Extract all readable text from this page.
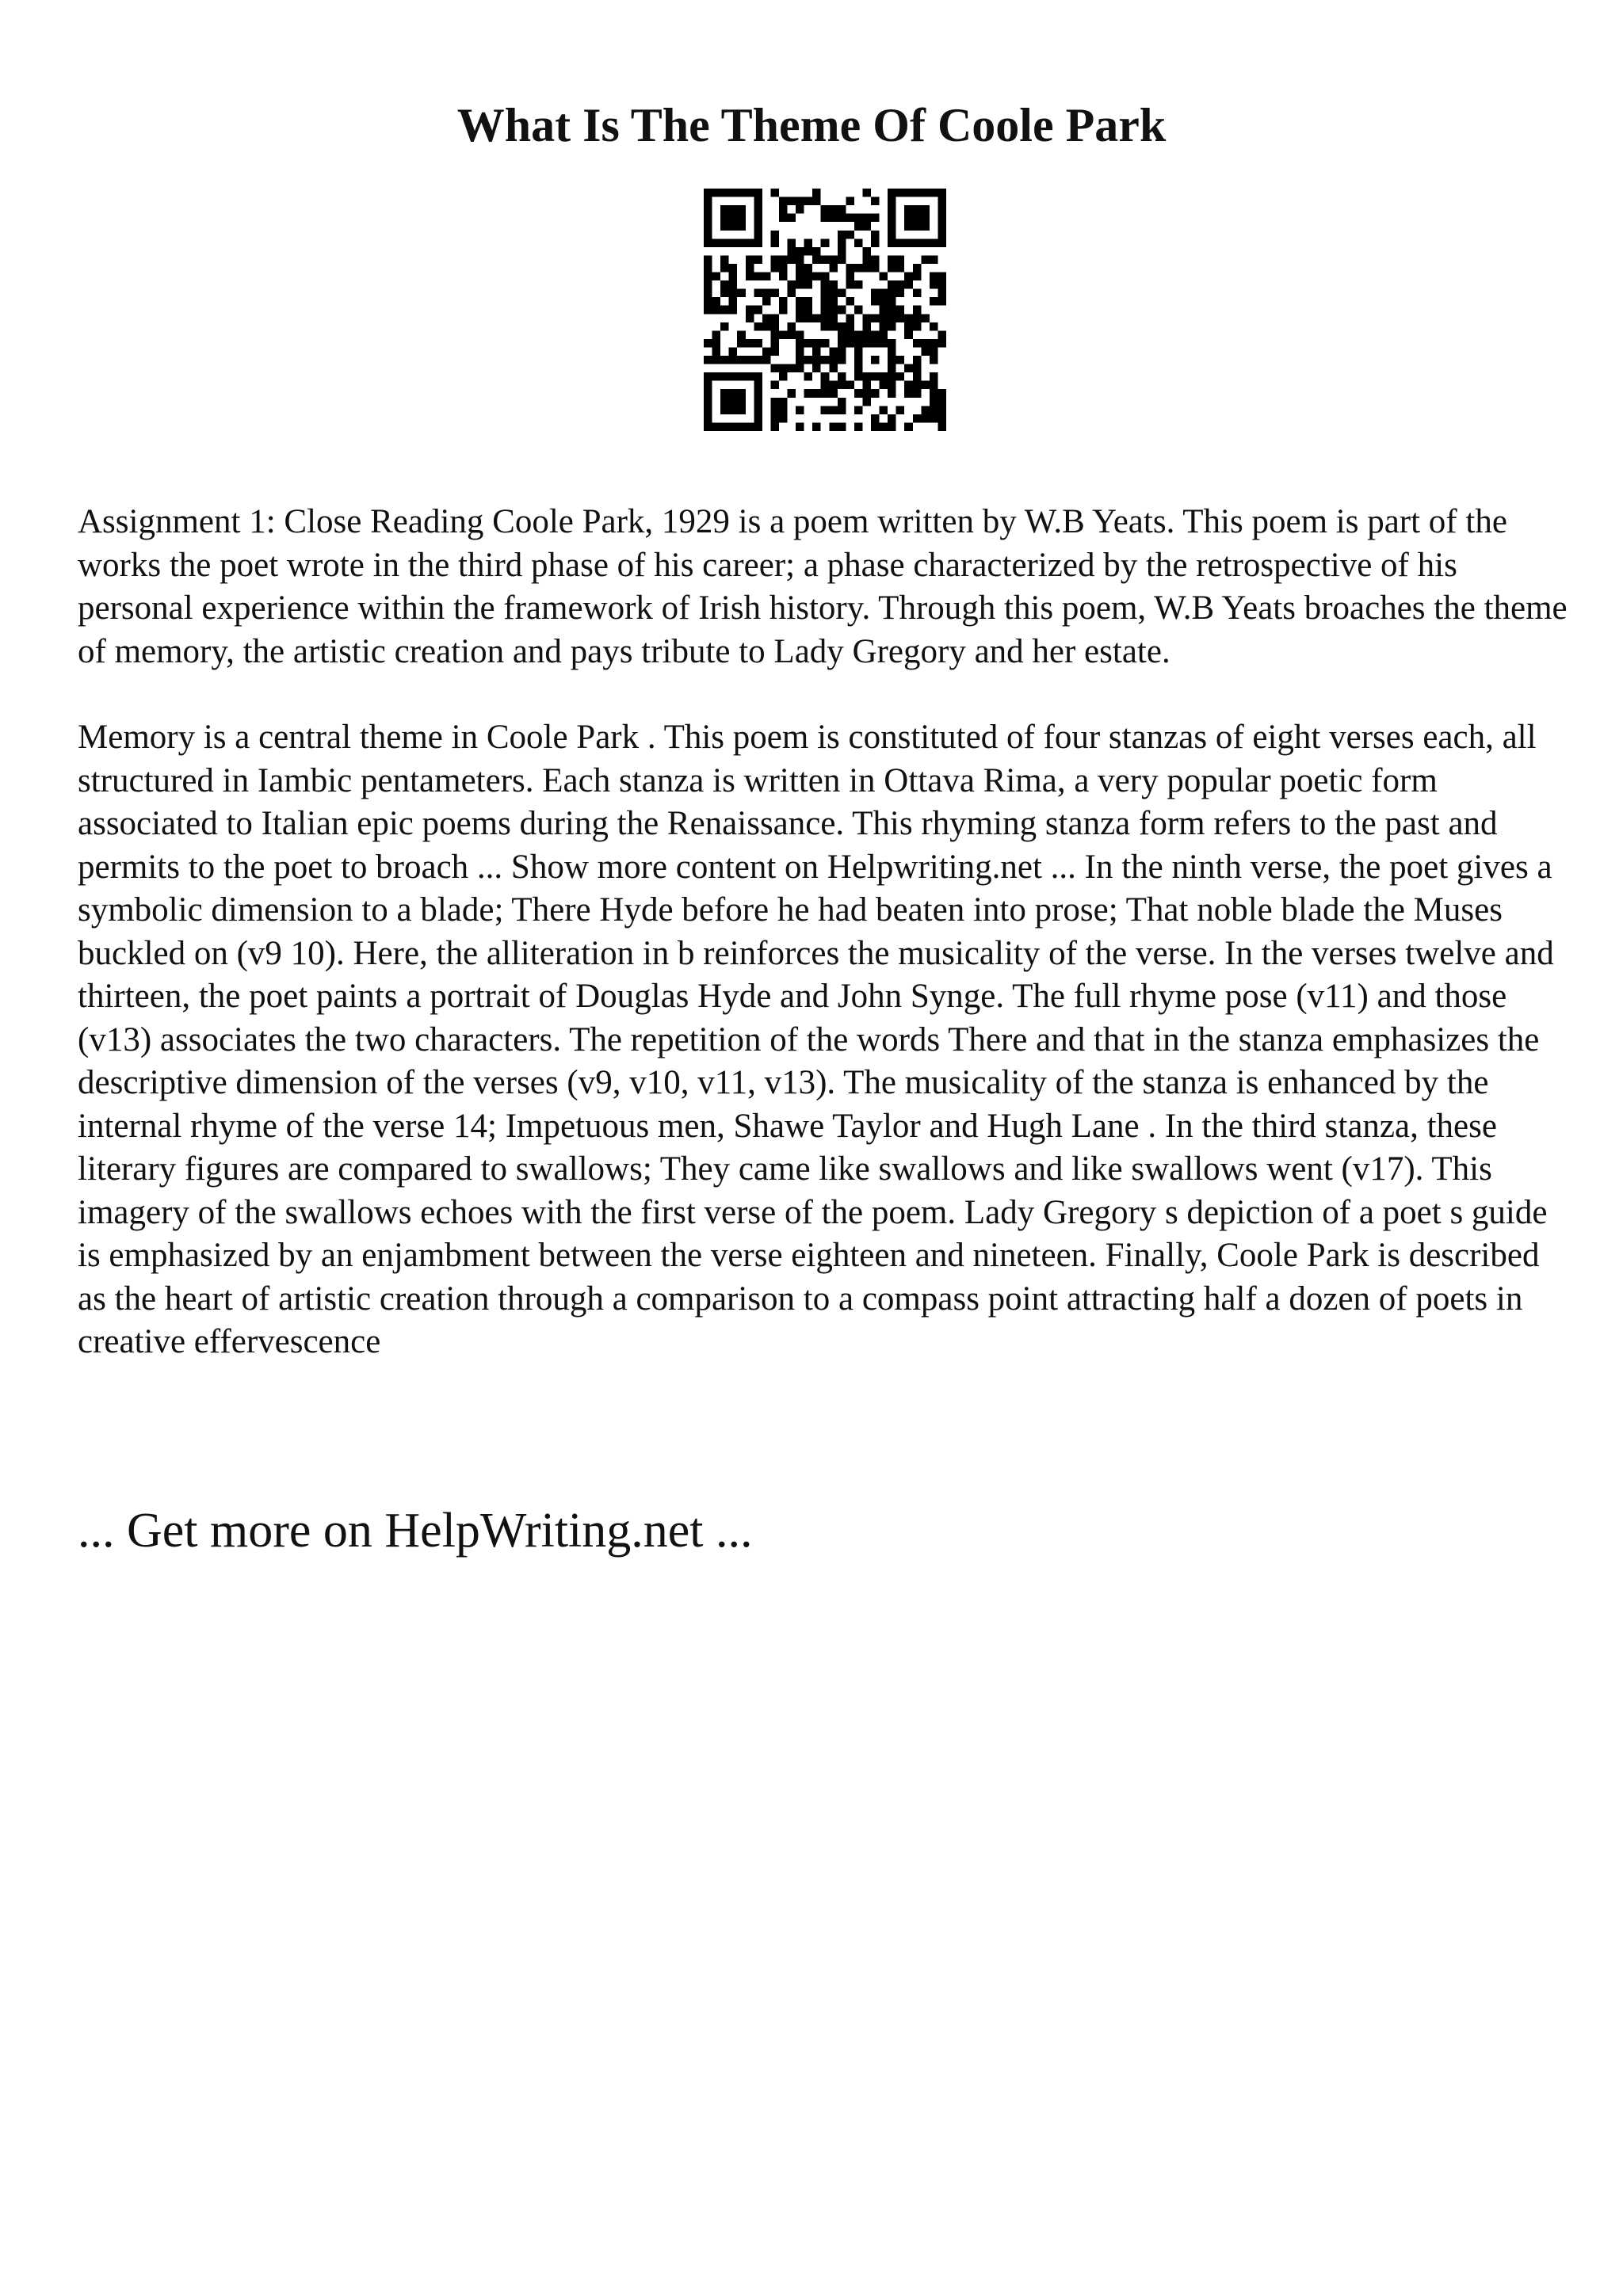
What Is The Theme Of Coole Park

Assignment 1: Close Reading Coole Park, 1929 is a poem written by W.B Yeats. This poem is part of the works the poet wrote in the third phase of his career; a phase characterized by the retrospective of his personal experience within the framework of Irish history. Through this poem, W.B Yeats broaches the theme of memory, the artistic creation and pays tribute to Lady Gregory and her estate.

Memory is a central theme in Coole Park . This poem is constituted of four stanzas of eight verses each, all structured in Iambic pentameters. Each stanza is written in Ottava Rima, a very popular poetic form associated to Italian epic poems during the Renaissance. This rhyming stanza form refers to the past and permits to the poet to broach ... Show more content on Helpwriting.net ... In the ninth verse, the poet gives a symbolic dimension to a blade; There Hyde before he had beaten into prose; That noble blade the Muses buckled on (v9 10). Here, the alliteration in b reinforces the musicality of the verse. In the verses twelve and thirteen, the poet paints a portrait of Douglas Hyde and John Synge. The full rhyme pose (v11) and those (v13) associates the two characters. The repetition of the words There and that in the stanza emphasizes the descriptive dimension of the verses (v9, v10, v11, v13). The musicality of the stanza is enhanced by the internal rhyme of the verse 14; Impetuous men, Shawe Taylor and Hugh Lane . In the third stanza, these literary figures are compared to swallows; They came like swallows and like swallows went (v17). This imagery of the swallows echoes with the first verse of the poem. Lady Gregory s depiction of a poet s guide is emphasized by an enjambment between the verse eighteen and nineteen. Finally, Coole Park is described as the heart of artistic creation through a comparison to a compass point attracting half a dozen of poets in creative effervescence

... Get more on HelpWriting.net ...
